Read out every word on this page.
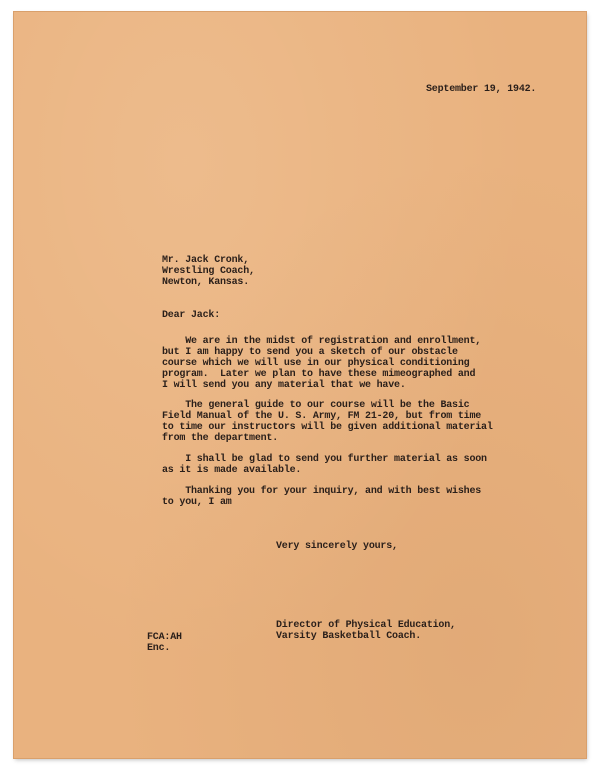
September 19, 1942.
Mr. Jack Cronk,
Wrestling Coach,
Newton, Kansas.
Dear Jack:
We are in the midst of registration and enrollment,
but I am happy to send you a sketch of our obstacle
course which we will use in our physical conditioning
program.  Later we plan to have these mimeographed and
I will send you any material that we have.
The general guide to our course will be the Basic
Field Manual of the U. S. Army, FM 21-20, but from time
to time our instructors will be given additional material
from the department.
I shall be glad to send you further material as soon
as it is made available.
Thanking you for your inquiry, and with best wishes
to you, I am
Very sincerely yours,
Director of Physical Education,
Varsity Basketball Coach.
FCA:AH
Enc.
